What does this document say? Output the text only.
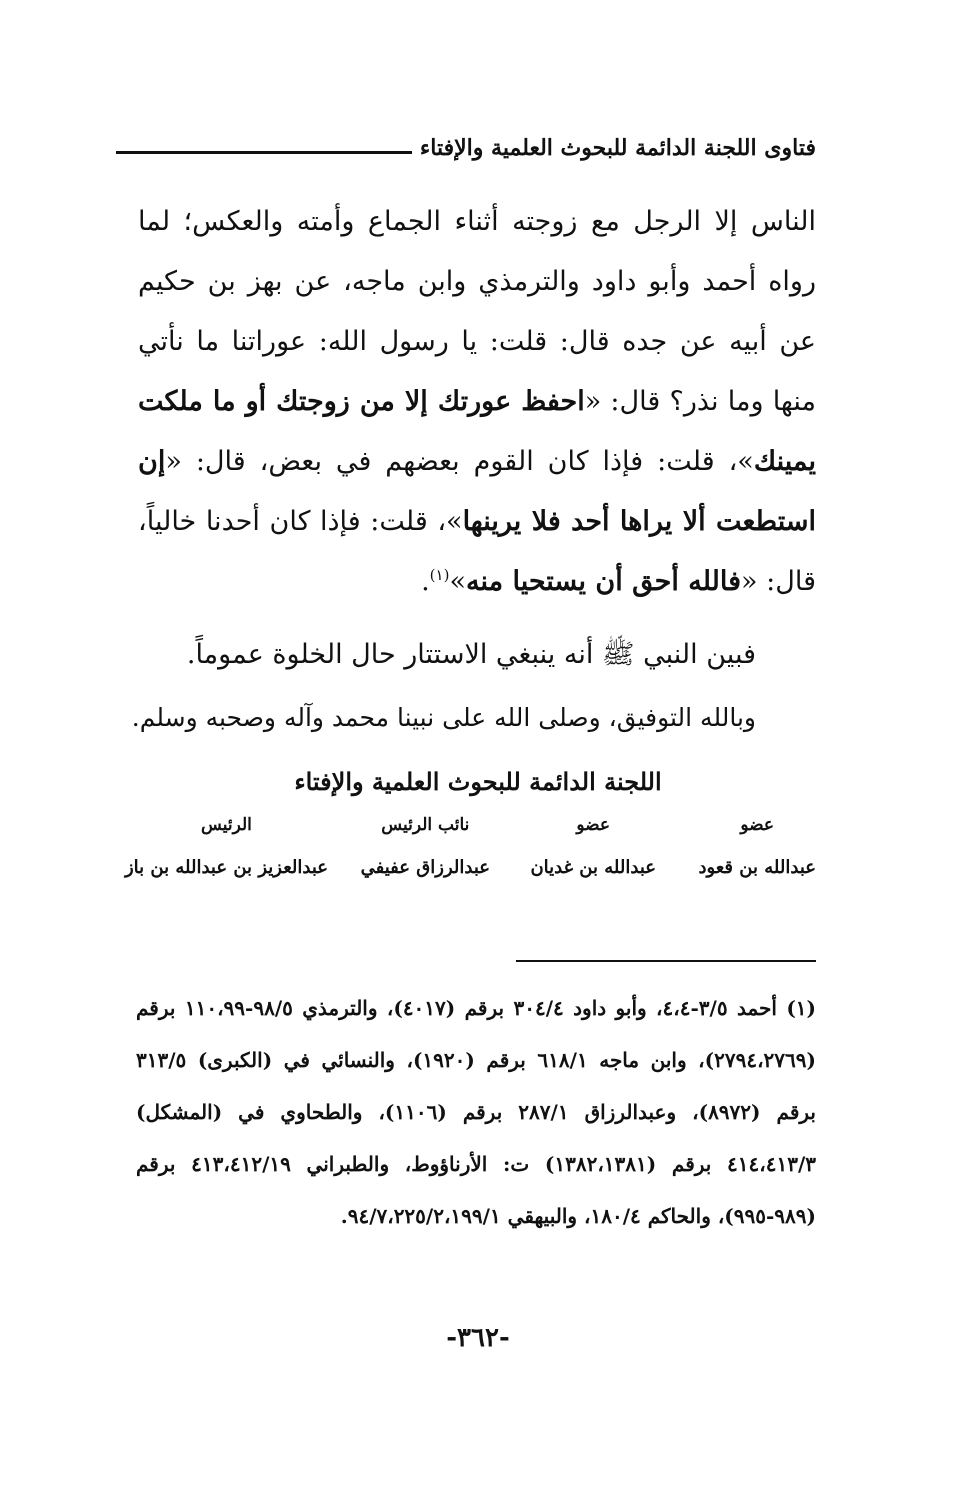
فتاوى اللجنة الدائمة للبحوث العلمية والإفتاء

الناس إلا الرجل مع زوجته أثناء الجماع وأمته والعكس؛ لما رواه أحمد وأبو داود والترمذي وابن ماجه، عن بهز بن حكيم عن أبيه عن جده قال: قلت: يا رسول الله: عوراتنا ما نأتي منها وما نذر؟ قال: «احفظ عورتك إلا من زوجتك أو ما ملكت يمينك»، قلت: فإذا كان القوم بعضهم في بعض، قال: «إن استطعت ألا يراها أحد فلا يرينها»، قلت: فإذا كان أحدنا خالياً، قال: «فالله أحق أن يستحيا منه»$^{(١)}$.

فبين النبي ﷺ أنه ينبغي الاستتار حال الخلوة عموماً.
وبالله التوفيق، وصلى الله على نبينا محمد وآله وصحبه وسلم.
اللجنة الدائمة للبحوث العلمية والإفتاء
عضو
عبدالله بن قعود
عضو
عبدالله بن غديان
نائب الرئيس
عبدالرزاق عفيفي
الرئيس
عبدالعزيز بن عبدالله بن باز
(١) أحمد ٣/٥-٤،٤، وأبو داود ٣٠٤/٤ برقم (٤٠١٧)، والترمذي ٩٨/٥-١١٠،٩٩ برقم (٢٧٩٤،٢٧٦٩)، وابن ماجه ٦١٨/١ برقم (١٩٢٠)، والنسائي في (الكبرى) ٣١٣/٥ برقم (٨٩٧٢)، وعبدالرزاق ٢٨٧/١ برقم (١١٠٦)، والطحاوي في (المشكل) ٤١٤،٤١٣/٣ برقم (١٣٨٢،١٣٨١) ت: الأرناؤوط، والطبراني ٤١٣،٤١٢/١٩ برقم (٩٨٩-٩٩٥)، والحاكم ١٨٠/٤، والبيهقي ٩٤/٧،٢٢٥/٢،١٩٩/١.
-٣٦٢-
